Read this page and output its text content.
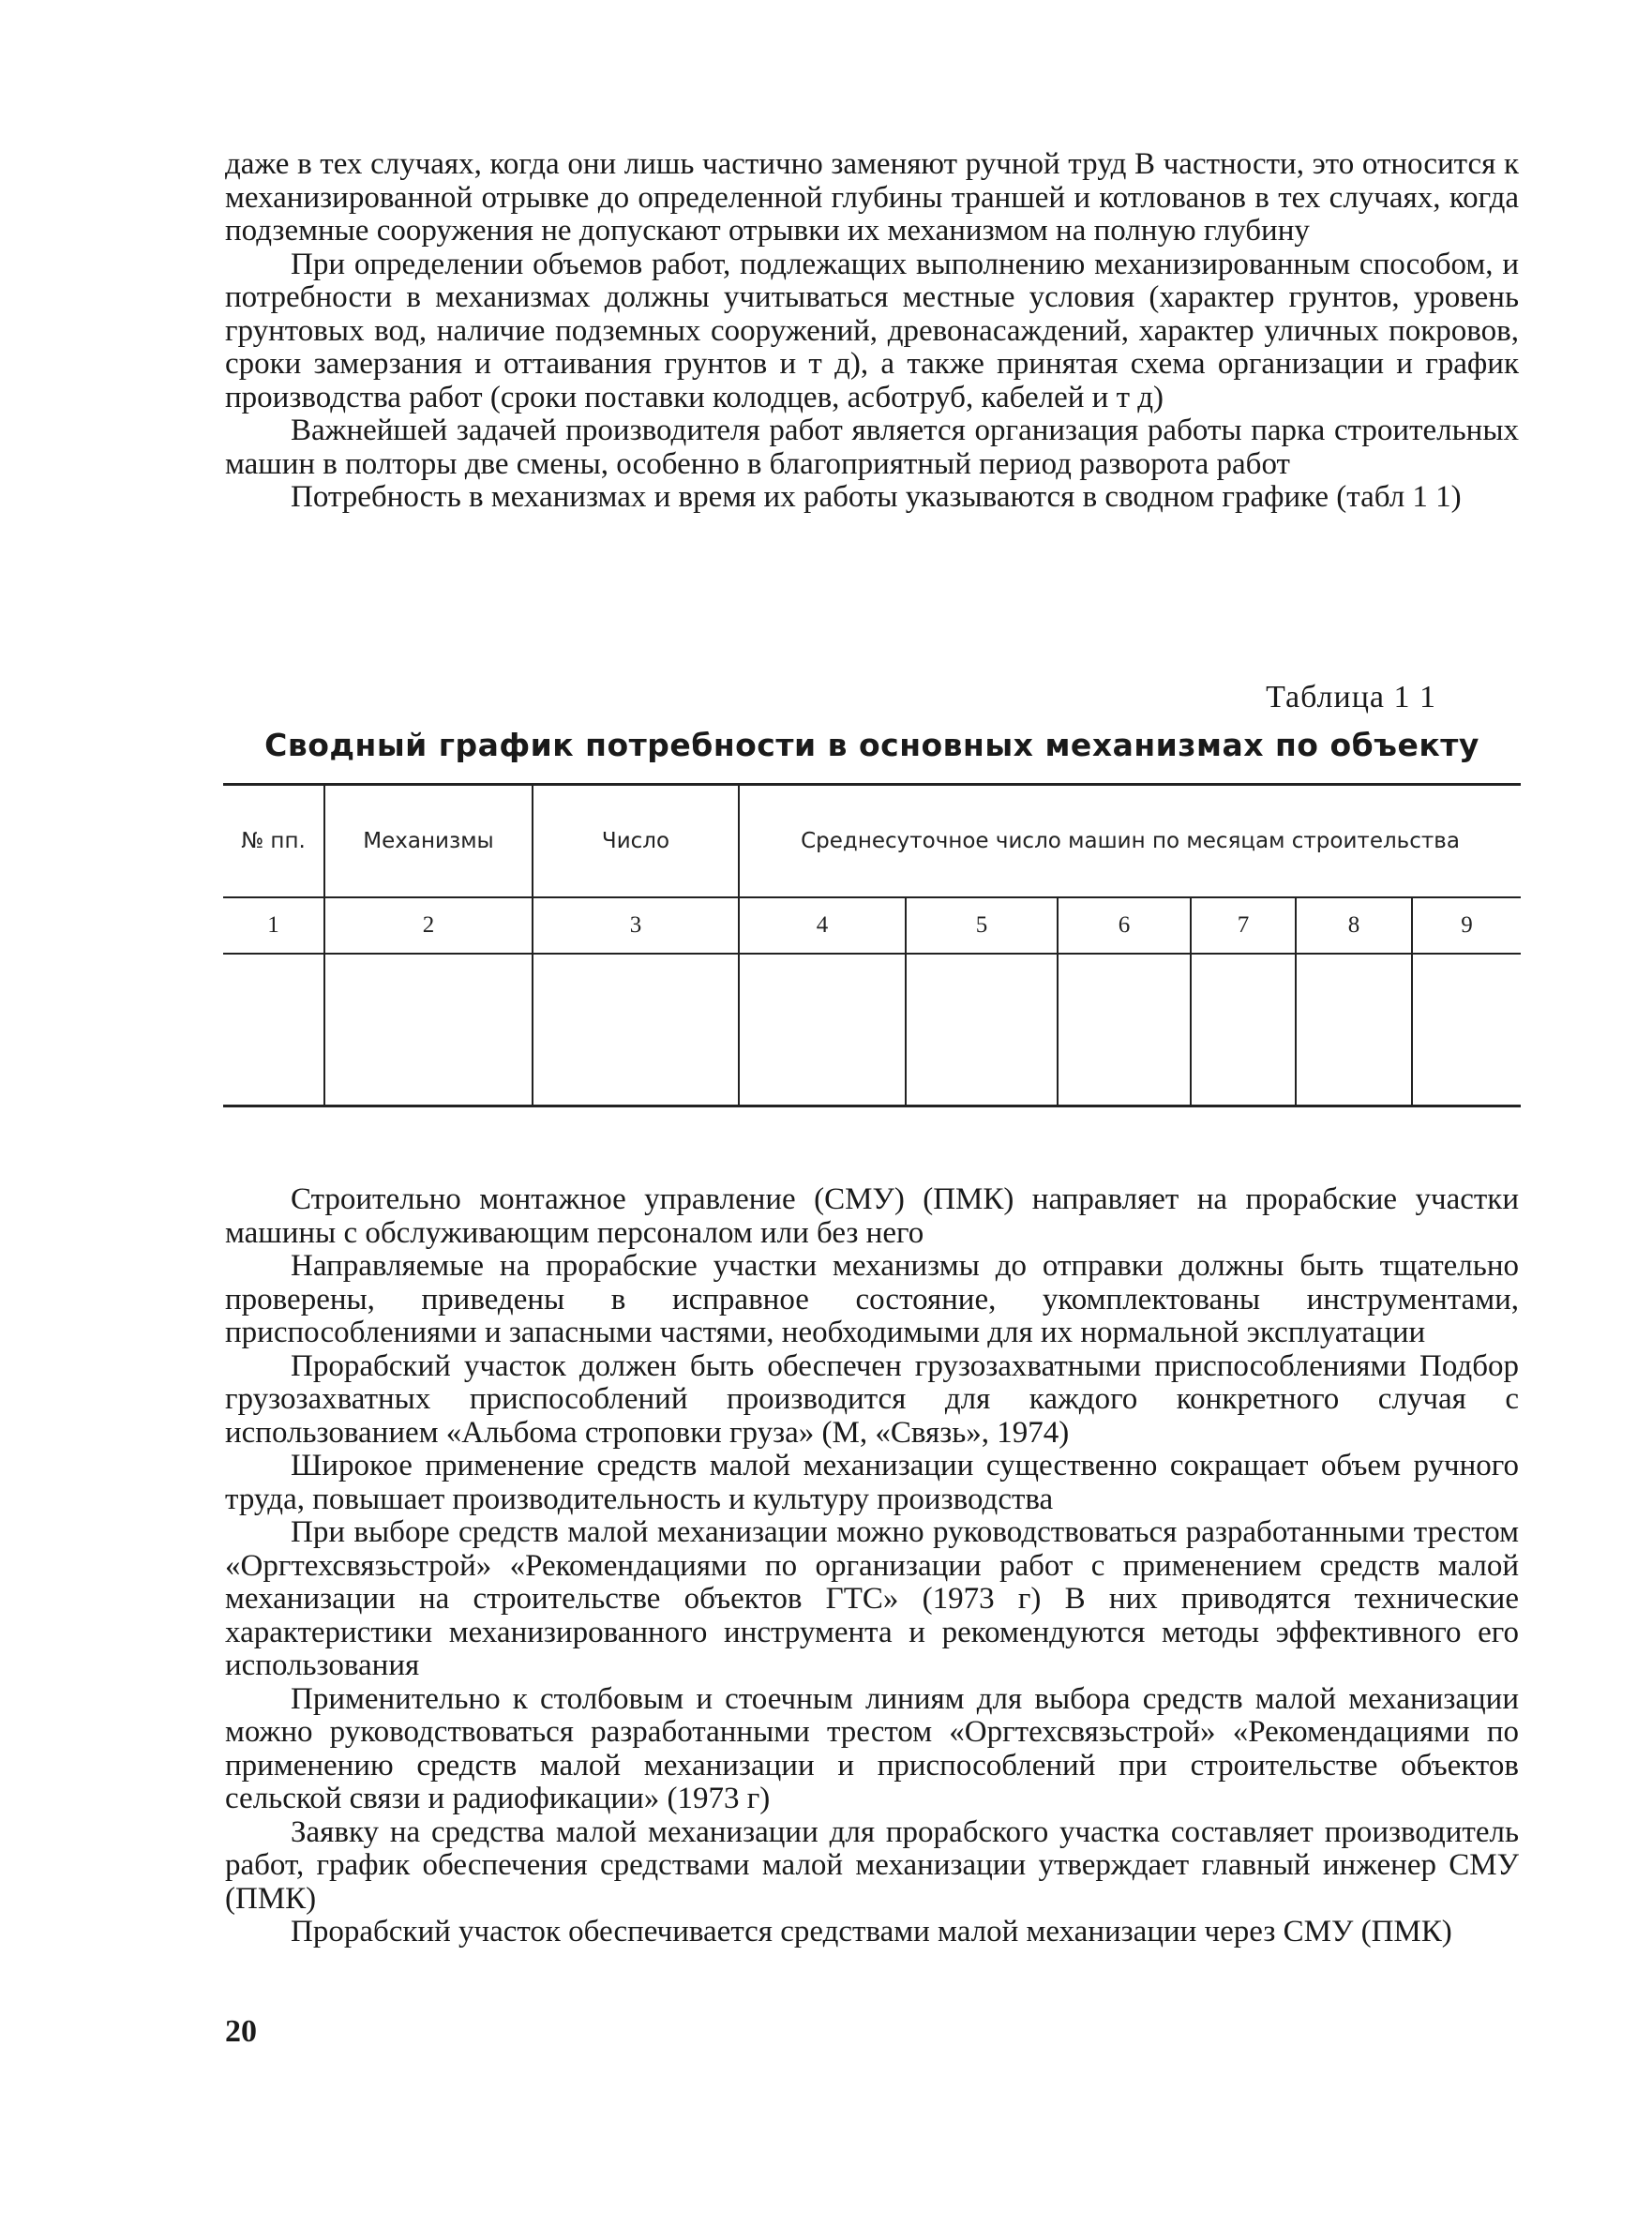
даже в тех случаях, когда они лишь частично заменяют ручной труд В частности, это относится к механизированной отрывке до определенной глубины траншей и котлованов в тех случаях, когда подземные сооружения не допускают отрывки их механизмом на полную глубину

При определении объемов работ, подлежащих выполнению механизированным способом, и потребности в механизмах должны учитываться местные условия (характер грунтов, уровень грунтовых вод, наличие подземных сооружений, древонасаждений, характер уличных покровов, сроки замерзания и оттаивания грунтов и т д), а также принятая схема организации и график производства работ (сроки поставки колодцев, асботруб, кабелей и т д)

Важнейшей задачей производителя работ является организация работы парка строительных машин в полторы две смены, особенно в благоприятный период разворота работ

Потребность в механизмах и время их работы указываются в сводном графике (табл 1 1)

Таблица 1 1
Сводный график потребности в основных механизмах по объекту
№ пп.	Механизмы	Число	Среднесуточное число машин по месяцам строительства					
1	2	3	4	5	6	7	8	9

Строительно монтажное управление (СМУ) (ПМК) направляет на прорабские участки машины с обслуживающим персоналом или без него

Направляемые на прорабские участки механизмы до отправки должны быть тщательно проверены, приведены в исправное состояние, укомплектованы инструментами, приспособлениями и запасными частями, необходимыми для их нормальной эксплуатации

Прорабский участок должен быть обеспечен грузозахватными приспособлениями Подбор грузозахватных приспособлений производится для каждого конкретного случая с использованием «Альбома строповки груза» (М, «Связь», 1974)

Широкое применение средств малой механизации существенно сокращает объем ручного труда, повышает производительность и культуру производства

При выборе средств малой механизации можно руководствоваться разработанными трестом «Оргтехсвязьстрой» «Рекомендациями по организации работ с применением средств малой механизации на строительстве объектов ГТС» (1973 г) В них приводятся технические характеристики механизированного инструмента и рекомендуются методы эффективного его использования

Применительно к столбовым и стоечным линиям для выбора средств малой механизации можно руководствоваться разработанными трестом «Оргтехсвязьстрой» «Рекомендациями по применению средств малой механизации и приспособлений при строительстве объектов сельской связи и радиофикации» (1973 г)

Заявку на средства малой механизации для прорабского участка составляет производитель работ, график обеспечения средствами малой механизации утверждает главный инженер СМУ (ПМК)

Прорабский участок обеспечивается средствами малой механизации через СМУ (ПМК)

20
